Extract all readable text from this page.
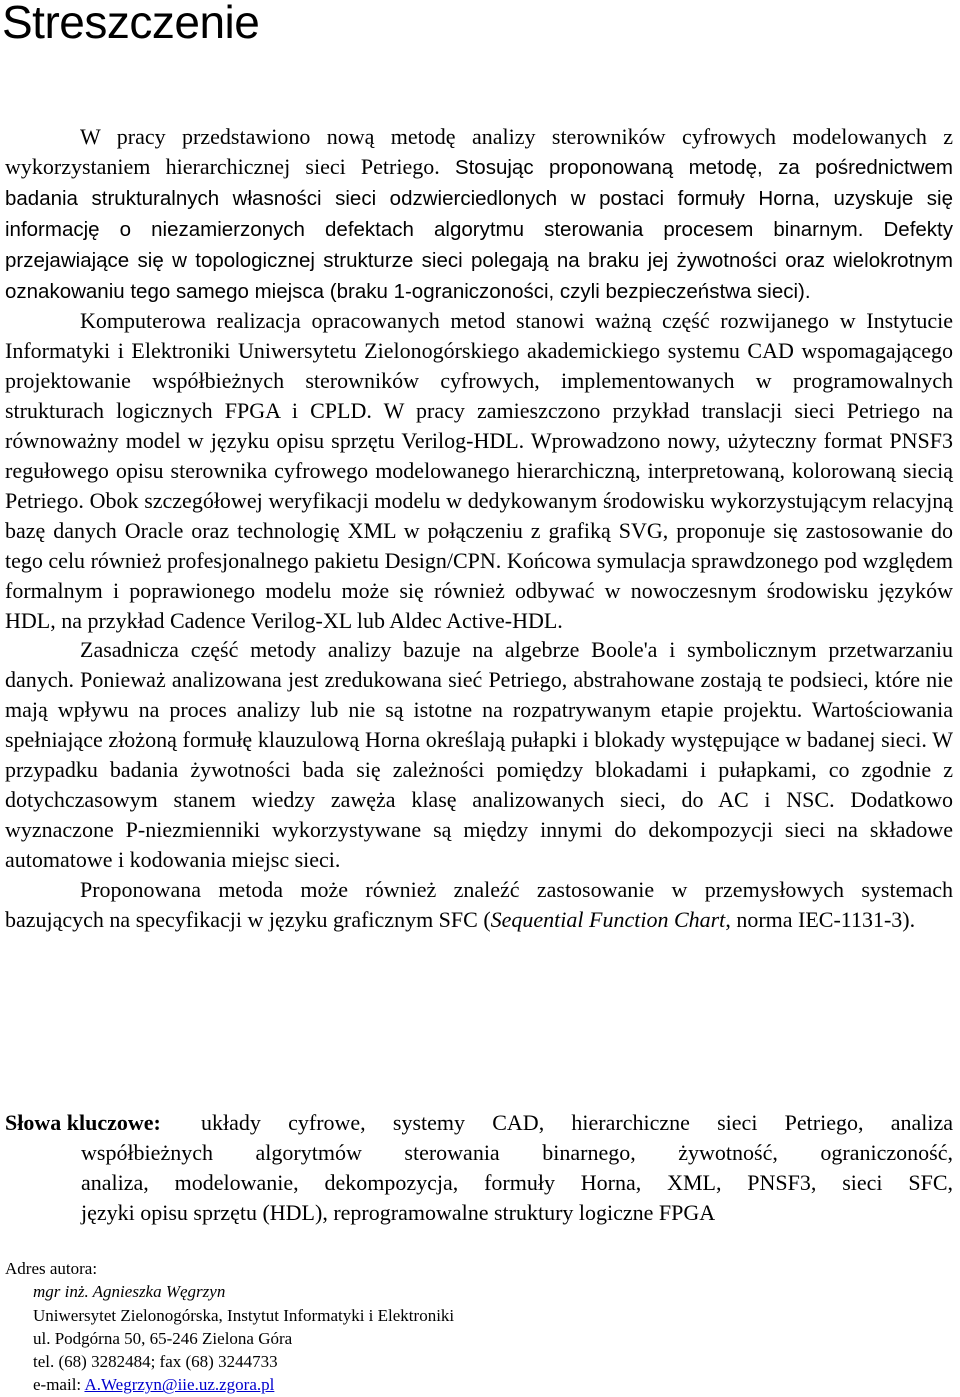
Streszczenie

W pracy przedstawiono nową metodę analizy sterowników cyfrowych modelowanych z wykorzystaniem hierarchicznej sieci Petriego. Stosując proponowaną metodę, za pośrednictwem badania strukturalnych własności sieci odzwierciedlonych w postaci formuły Horna, uzyskuje się informację o niezamierzonych defektach algorytmu sterowania procesem binarnym. Defekty przejawiające się w topologicznej strukturze sieci polegają na braku jej żywotności oraz wielokrotnym oznakowaniu tego samego miejsca (braku 1-ograniczoności, czyli bezpieczeństwa sieci).

Komputerowa realizacja opracowanych metod stanowi ważną część rozwijanego w Instytucie Informatyki i Elektroniki Uniwersytetu Zielonogórskiego akademickiego systemu CAD wspomagającego projektowanie współbieżnych sterowników cyfrowych, implementowanych w programowalnych strukturach logicznych FPGA i CPLD. W pracy zamieszczono przykład translacji sieci Petriego na równoważny model w języku opisu sprzętu Verilog-HDL. Wprowadzono nowy, użyteczny format PNSF3 regułowego opisu sterownika cyfrowego modelowanego hierarchiczną, interpretowaną, kolorowaną siecią Petriego. Obok szczegółowej weryfikacji modelu w dedykowanym środowisku wykorzystującym relacyjną bazę danych Oracle oraz technologię XML w połączeniu z grafiką SVG, proponuje się zastosowanie do tego celu również profesjonalnego pakietu Design/CPN. Końcowa symulacja sprawdzonego pod względem formalnym i poprawionego modelu może się również odbywać w nowoczesnym środowisku języków HDL, na przykład Cadence Verilog-XL lub Aldec Active-HDL.

Zasadnicza część metody analizy bazuje na algebrze Boole'a i symbolicznym przetwarzaniu danych. Ponieważ analizowana jest zredukowana sieć Petriego, abstrahowane zostają te podsieci, które nie mają wpływu na proces analizy lub nie są istotne na rozpatrywanym etapie projektu. Wartościowania spełniające złożoną formułę klauzulową Horna określają pułapki i blokady występujące w badanej sieci. W przypadku badania żywotności bada się zależności pomiędzy blokadami i pułapkami, co zgodnie z dotychczasowym stanem wiedzy zawęża klasę analizowanych sieci, do AC i NSC. Dodatkowo wyznaczone P-niezmienniki wykorzystywane są między innymi do dekompozycji sieci na składowe automatowe i kodowania miejsc sieci.

Proponowana metoda może również znaleźć zastosowanie w przemysłowych systemach bazujących na specyfikacji w języku graficznym SFC (Sequential Function Chart, norma IEC-1131-3).

Słowa kluczowe:	układy cyfrowe, systemy CAD, hierarchiczne sieci Petriego, analiza
współbieżnych algorytmów sterowania binarnego, żywotność, ograniczoność,
analiza, modelowanie, dekompozycja, formuły Horna, XML, PNSF3, sieci SFC,
języki opisu sprzętu (HDL), reprogramowalne struktury logiczne FPGA
Adres autora:
mgr inż. Agnieszka Węgrzyn
Uniwersytet Zielonogórska, Instytut Informatyki i Elektroniki
ul. Podgórna 50, 65-246 Zielona Góra
tel. (68) 3282484; fax (68) 3244733
e-mail: A.Wegrzyn@iie.uz.zgora.pl
